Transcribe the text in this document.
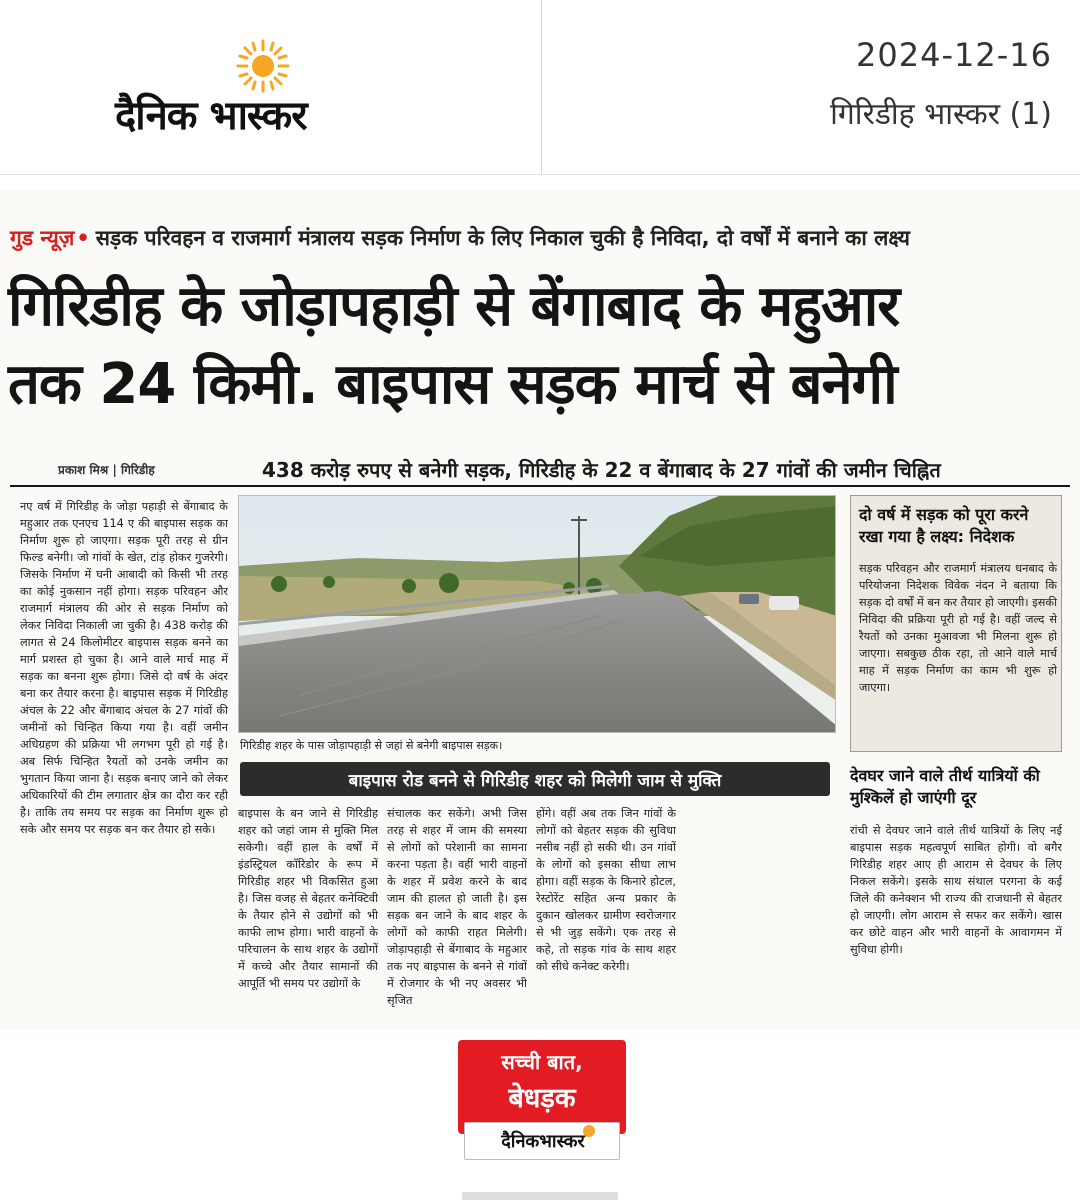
दैनिक भास्कर
2024-12-16
गिरिडीह भास्कर (1)
गुड न्यूज़• सड़क परिवहन व राजमार्ग मंत्रालय सड़क निर्माण के लिए निकाल चुकी है निविदा, दो वर्षों में बनाने का लक्ष्य
गिरिडीह के जोड़ापहाड़ी से बेंगाबाद के महुआर
तक 24 किमी. बाइपास सड़क मार्च से बनेगी
प्रकाश मिश्र | गिरिडीह	438 करोड़ रुपए से बनेगी सड़क, गिरिडीह के 22 व बेंगाबाद के 27 गांवों की जमीन चिह्नित
नए वर्ष में गिरिडीह के जोड़ा पहाड़ी से बेंगाबाद के महुआर तक एनएच 114 ए की बाइपास सड़क का निर्माण शुरू हो जाएगा। सड़क पूरी तरह से ग्रीन फिल्ड बनेगी। जो गांवों के खेत, टांड़ होकर गुजरेगी। जिसके निर्माण में घनी आबादी को किसी भी तरह का कोई नुकसान नहीं होगा। सड़क परिवहन और राजमार्ग मंत्रालय की ओर से सड़क निर्माण को लेकर निविदा निकाली जा चुकी है। 438 करोड़ की लागत से 24 किलोमीटर बाइपास सड़क बनने का मार्ग प्रशस्त हो चुका है। आने वाले मार्च माह में सड़क का बनना शुरू होगा। जिसे दो वर्ष के अंदर बना कर तैयार करना है। बाइपास सड़क में गिरिडीह अंचल के 22 और बेंगाबाद अंचल के 27 गांवों की जमीनों को चिन्हित किया गया है। वहीं जमीन अधिग्रहण की प्रक्रिया भी लगभग पूरी हो गई है। अब सिर्फ चिन्हित रैयतों को उनके जमीन का भुगतान किया जाना है। सड़क बनाए जाने को लेकर अधिकारियों की टीम लगातार क्षेत्र का दौरा कर रही है। ताकि तय समय पर सड़क का निर्माण शुरू हो सके और समय पर सड़क बन कर तैयार हो सके।
गिरिडीह शहर के पास जोड़ापहाड़ी से जहां से बनेगी बाइपास सड़क।
बाइपास रोड बनने से गिरिडीह शहर को मिलेगी जाम से मुक्ति
बाइपास के बन जाने से गिरिडीह शहर को जहां जाम से मुक्ति मिल सकेगी। वहीं हाल के वर्षों में इंडस्ट्रियल कॉरिडोर के रूप में गिरिडीह शहर भी विकसित हुआ है। जिस वजह से बेहतर कनेक्टिवी के तैयार होने से उद्योगों को भी काफी लाभ होगा। भारी वाहनों के परिचालन के साथ शहर के उद्योगों में कच्चे और तैयार सामानों की आपूर्ति भी समय पर उद्योगों के
संचालक कर सकेंगे। अभी जिस तरह से शहर में जाम की समस्या से लोगों को परेशानी का सामना करना पड़ता है। वहीं भारी वाहनों के शहर में प्रवेश करने के बाद जाम की हालत हो जाती है। इस सड़क बन जाने के बाद शहर के लोगों को काफी राहत मिलेगी। जोड़ापहाड़ी से बेंगाबाद के महुआर तक नए बाइपास के बनने से गांवों में रोजगार के भी नए अवसर भी सृजित
होंगे। वहीं अब तक जिन गांवों के लोगों को बेहतर सड़क की सुविधा नसीब नहीं हो सकी थी। उन गांवों के लोगों को इसका सीधा लाभ होगा। वहीं सड़क के किनारे होटल, रेस्टोरेंट सहित अन्य प्रकार के दुकान खोलकर ग्रामीण स्वरोजगार से भी जुड़ सकेंगे। एक तरह से कहे, तो सड़क गांव के साथ शहर को सीधे कनेक्ट करेगी।
दो वर्ष में सड़क को पूरा करने रखा गया है लक्ष्य: निदेशक
सड़क परिवहन और राजमार्ग मंत्रालय धनबाद के परियोजना निदेशक विवेक नंदन ने बताया कि सड़क दो वर्षों में बन कर तैयार हो जाएगी। इसकी निविदा की प्रक्रिया पूरी हो गई है। वहीं जल्द से रैयतों को उनका मुआवजा भी मिलना शुरू हो जाएगा। सबकुछ ठीक रहा, तो आने वाले मार्च माह में सड़क निर्माण का काम भी शुरू हो जाएगा।
देवघर जाने वाले तीर्थ यात्रियों की मुश्किलें हो जाएंगी दूर
रांची से देवघर जाने वाले तीर्थ यात्रियों के लिए नई बाइपास सड़क महत्वपूर्ण साबित होगी। वो बगैर गिरिडीह शहर आए ही आराम से देवघर के लिए निकल सकेंगे। इसके साथ संथाल परगना के कई जिले की कनेक्शन भी राज्य की राजधानी से बेहतर हो जाएगी। लोग आराम से सफर कर सकेंगे। खास कर छोटे वाहन और भारी वाहनों के आवागमन में सुविधा होगी।
सच्ची बात,
बेधड़क
दैनिकभास्कर
